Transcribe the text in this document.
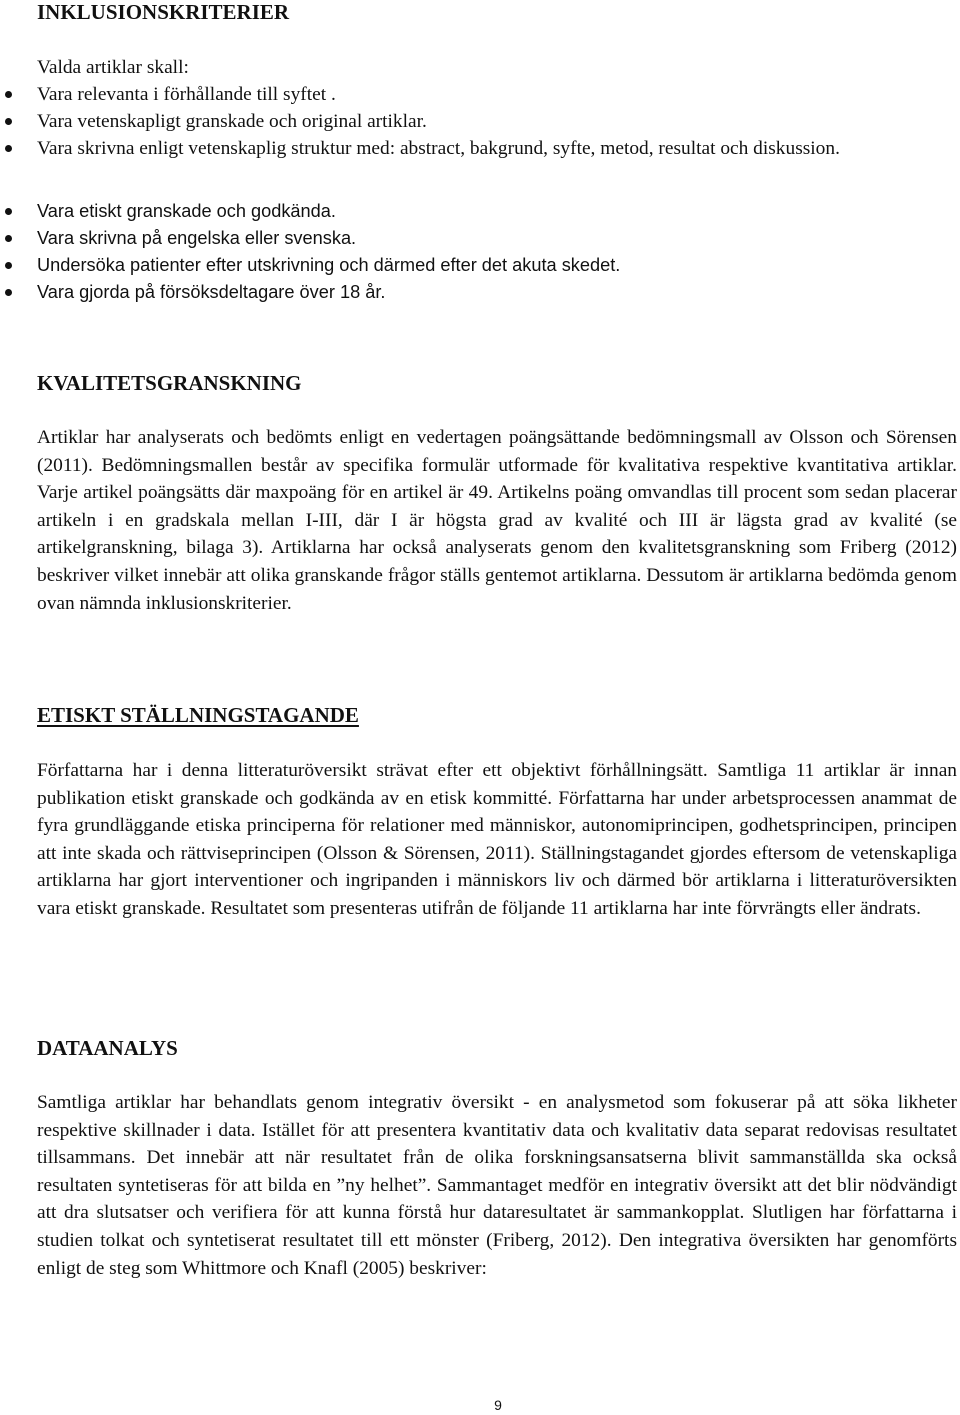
INKLUSIONSKRITERIER

Valda artiklar skall:

Vara relevanta i förhållande till syftet .
Vara vetenskapligt granskade och original artiklar.
Vara skrivna enligt vetenskaplig struktur med: abstract, bakgrund, syfte, metod, resultat och diskussion.
Vara etiskt granskade och godkända.
Vara skrivna på engelska eller svenska.
Undersöka patienter efter utskrivning och därmed efter det akuta skedet.
Vara gjorda på försöksdeltagare över 18 år.
KVALITETSGRANSKNING

Artiklar har analyserats och bedömts enligt en vedertagen poängsättande bedömningsmall av Olsson och Sörensen (2011). Bedömningsmallen består av specifika formulär utformade för kvalitativa respektive kvantitativa artiklar. Varje artikel poängsätts där maxpoäng för en artikel är 49. Artikelns poäng omvandlas till procent som sedan placerar artikeln i en gradskala mellan I-III, där I är högsta grad av kvalité och III är lägsta grad av kvalité (se artikelgranskning, bilaga 3). Artiklarna har också analyserats genom den kvalitetsgranskning som Friberg (2012) beskriver vilket innebär att olika granskande frågor ställs gentemot artiklarna. Dessutom är artiklarna bedömda genom ovan nämnda inklusionskriterier.

ETISKT STÄLLNINGSTAGANDE

Författarna har i denna litteraturöversikt strävat efter ett objektivt förhållningsätt. Samtliga 11 artiklar är innan publikation etiskt granskade och godkända av en etisk kommitté. Författarna har under arbetsprocessen anammat de fyra grundläggande etiska principerna för relationer med människor, autonomiprincipen, godhetsprincipen, principen att inte skada och rättviseprincipen (Olsson & Sörensen, 2011). Ställningstagandet gjordes eftersom de vetenskapliga artiklarna har gjort interventioner och ingripanden i människors liv och därmed bör artiklarna i litteraturöversikten vara etiskt granskade. Resultatet som presenteras utifrån de följande 11 artiklarna har inte förvrängts eller ändrats.

DATAANALYS

Samtliga artiklar har behandlats genom integrativ översikt - en analysmetod som fokuserar på att söka likheter respektive skillnader i data. Istället för att presentera kvantitativ data och kvalitativ data separat redovisas resultatet tillsammans. Det innebär att när resultatet från de olika forskningsansatserna blivit sammanställda ska också resultaten syntetiseras för att bilda en ”ny helhet”. Sammantaget medför en integrativ översikt att det blir nödvändigt att dra slutsatser och verifiera för att kunna förstå hur dataresultatet är sammankopplat. Slutligen har författarna i studien tolkat och syntetiserat resultatet till ett mönster (Friberg, 2012). Den integrativa översikten har genomförts enligt de steg som Whittmore och Knafl (2005) beskriver:

9
